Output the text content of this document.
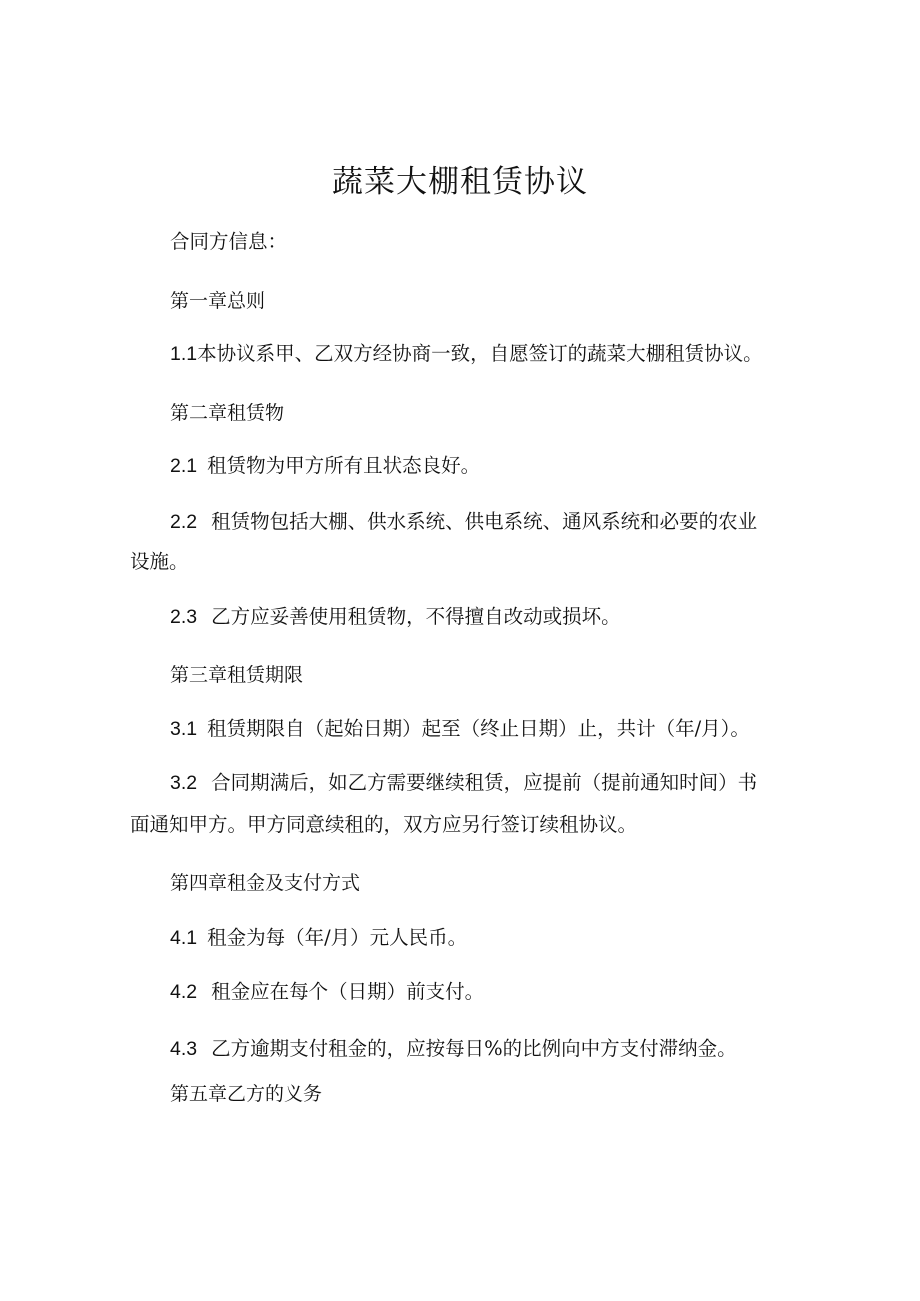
蔬菜大棚租赁协议
合同方信息：
第一章总则
1.1本协议系甲、乙双方经协商一致，自愿签订的蔬菜大棚租赁协议。
第二章租赁物
2.1 租赁物为甲方所有且状态良好。
2.2 租赁物包括大棚、供水系统、供电系统、通风系统和必要的农业
设施。
2.3 乙方应妥善使用租赁物，不得擅自改动或损坏。
第三章租赁期限
3.1 租赁期限自（起始日期）起至（终止日期）止，共计（年/月）。
3.2 合同期满后，如乙方需要继续租赁，应提前（提前通知时间）书
面通知甲方。甲方同意续租的，双方应另行签订续租协议。
第四章租金及支付方式
4.1 租金为每（年/月）元人民币。
4.2 租金应在每个（日期）前支付。
4.3 乙方逾期支付租金的，应按每日%的比例向中方支付滞纳金。
第五章乙方的义务
